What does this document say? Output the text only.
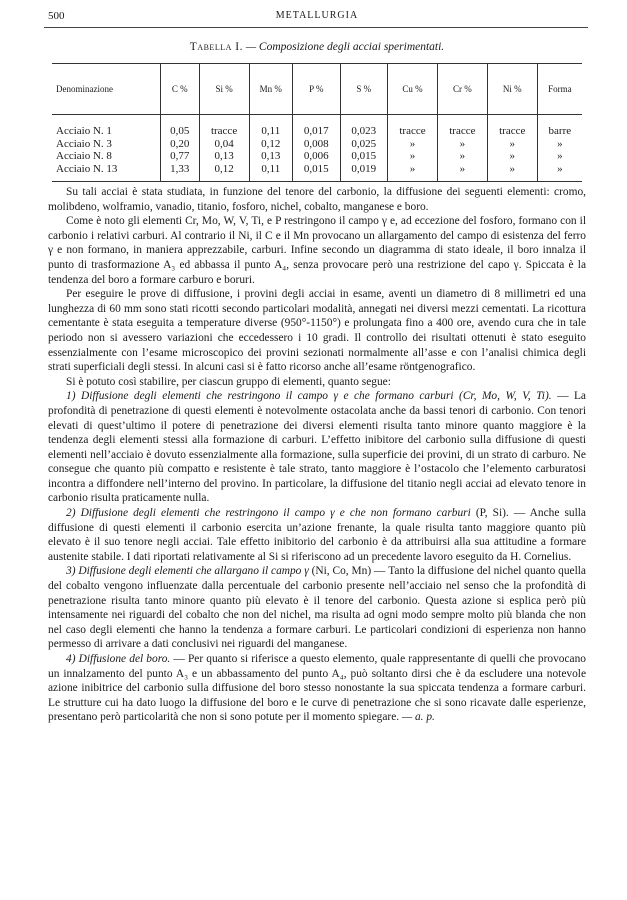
500	METALLURGIA
Tabella I. — Composizione degli acciai sperimentati.
Denominazione	C %	Si %	Mn %	P %	S %	Cu %	Cr %	Ni %	Forma
Acciaio N. 1	0,05	tracce	0,11	0,017	0,023	tracce	tracce	tracce	barre
Acciaio N. 3	0,20	0,04	0,12	0,008	0,025	»	»	»	»
Acciaio N. 8	0,77	0,13	0,13	0,006	0,015	»	»	»	»
Acciaio N. 13	1,33	0,12	0,11	0,015	0,019	»	»	»	»

Su tali acciai è stata studiata, in funzione del tenore del carbonio, la diffusione dei seguenti elementi: cromo, molibdeno, wolframio, vanadio, titanio, fosforo, nichel, cobalto, manganese e boro.

Come è noto gli elementi Cr, Mo, W, V, Ti, e P restringono il campo γ e, ad eccezione del fosforo, formano con il carbonio i relativi carburi. Al contrario il Ni, il C e il Mn provocano un allargamento del campo di esistenza del ferro γ e non formano, in maniera apprezzabile, carburi. Infine secondo un diagramma di stato ideale, il boro innalza il punto di trasformazione A₃ ed abbassa il punto A₄, senza provocare però una restrizione del capo γ. Spiccata è la tendenza del boro a formare carburo e boruri.

Per eseguire le prove di diffusione, i provini degli acciai in esame, aventi un diametro di 8 millimetri ed una lunghezza di 60 mm sono stati ricotti secondo particolari modalità, annegati nei diversi mezzi cementati. La ricottura cementante è stata eseguita a temperature diverse (950°-1150°) e prolungata fino a 400 ore, avendo cura che in tale periodo non si avessero variazioni che eccedessero i 10 gradi. Il controllo dei risultati ottenuti è stato eseguito essenzialmente con l’esame microscopico dei provini sezionati normalmente all’asse e con l’analisi chimica degli strati superficiali degli stessi. In alcuni casi si è fatto ricorso anche all’esame röntgenografico.

Si è potuto così stabilire, per ciascun gruppo di elementi, quanto segue:

1) Diffusione degli elementi che restringono il campo γ e che formano carburi (Cr, Mo, W, V, Ti). — La profondità di penetrazione di questi elementi è notevolmente ostacolata anche da bassi tenori di carbonio. Con tenori elevati di quest’ultimo il potere di penetrazione dei diversi elementi risulta tanto minore quanto maggiore è la tendenza degli elementi stessi alla formazione di carburi. L’effetto inibitore del carbonio sulla diffusione di questi elementi nell’acciaio è dovuto essenzialmente alla formazione, sulla superficie dei provini, di un strato di carburo. Ne consegue che quanto più compatto e resistente è tale strato, tanto maggiore è l’ostacolo che l’elemento carburatosi incontra a diffondere nell’interno del provino. In particolare, la diffusione del titanio negli acciai ad elevato tenore in carbonio risulta praticamente nulla.

2) Diffusione degli elementi che restringono il campo γ e che non formano carburi (P, Si). — Anche sulla diffusione di questi elementi il carbonio esercita un’azione frenante, la quale risulta tanto maggiore quanto più elevato è il suo tenore negli acciai. Tale effetto inibitorio del carbonio è da attribuirsi alla sua attitudine a formare austenite stabile. I dati riportati relativamente al Si si riferiscono ad un precedente lavoro eseguito da H. Cornelius.

3) Diffusione degli elementi che allargano il campo γ (Ni, Co, Mn) — Tanto la diffusione del nichel quanto quella del cobalto vengono influenzate dalla percentuale del carbonio presente nell’acciaio nel senso che la profondità di penetrazione risulta tanto minore quanto più elevato è il tenore del carbonio. Questa azione si esplica però più intensamente nei riguardi del cobalto che non del nichel, ma risulta ad ogni modo sempre molto più blanda che non nel caso degli elementi che hanno la tendenza a formare carburi. Le particolari condizioni di esperienza non hanno permesso di arrivare a dati conclusivi nei riguardi del manganese.

4) Diffusione del boro. — Per quanto si riferisce a questo elemento, quale rappresentante di quelli che provocano un innalzamento del punto A₃ e un abbassamento del punto A₄, può soltanto dirsi che è da escludere una notevole azione inibitrice del carbonio sulla diffusione del boro stesso nonostante la sua spiccata tendenza a formare carburi. Le strutture cui ha dato luogo la diffusione del boro e le curve di penetrazione che si sono ricavate dalle esperienze, presentano però particolarità che non si sono potute per il momento spiegare. — a. p.
